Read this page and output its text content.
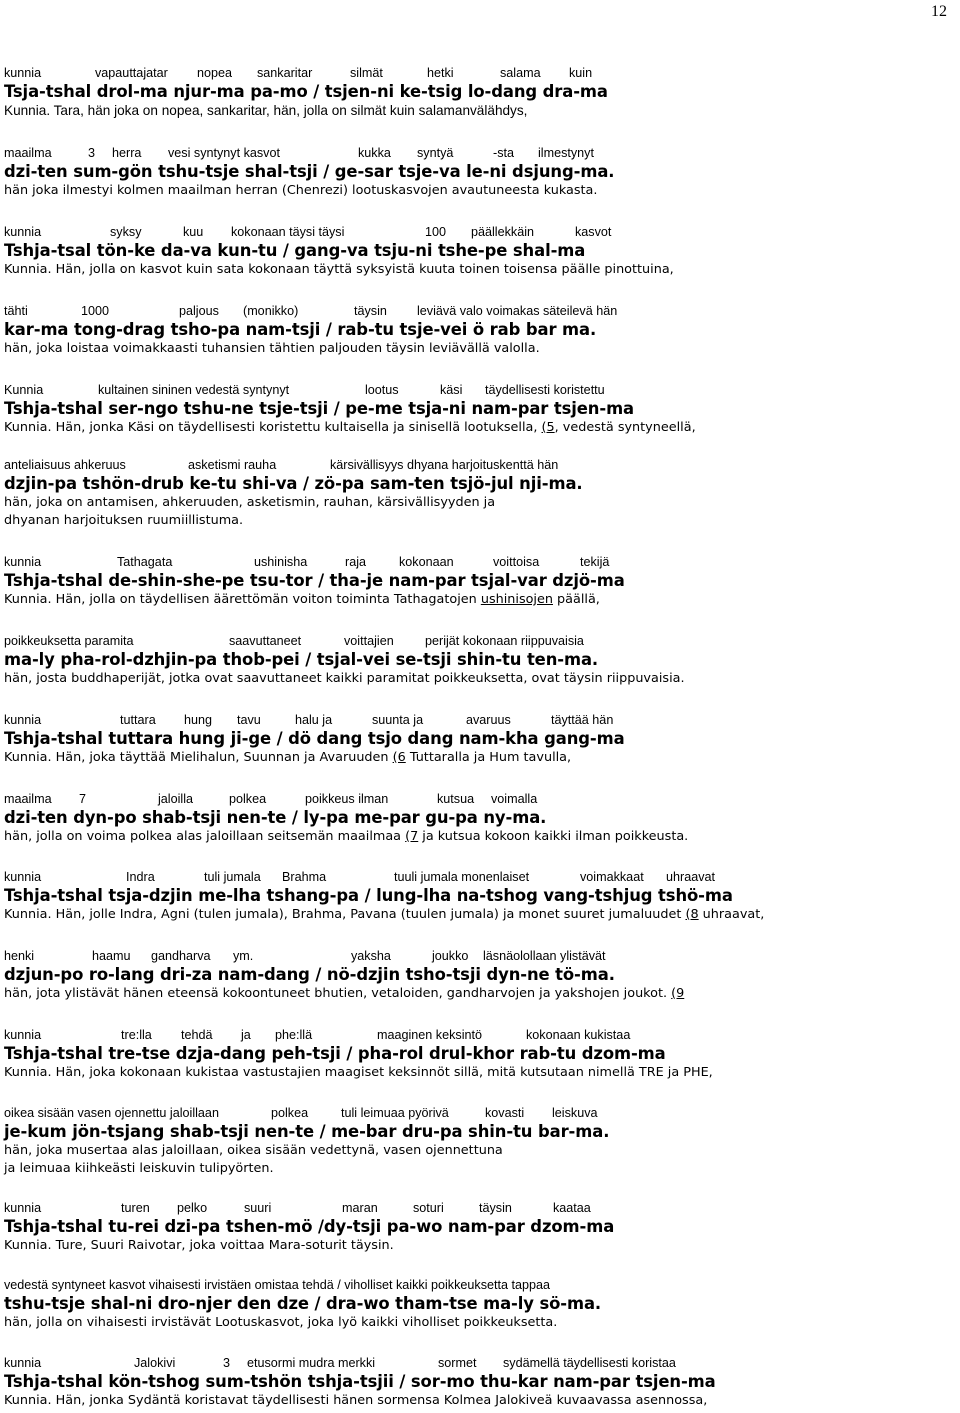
12
kunnia	vapauttajatar nopea sankaritar	silmät	hetki	salama kuin
Tsja-tshal drol-ma njur-ma pa-mo / tsjen-ni ke-tsig lo-dang dra-ma
Kunnia. Tara, hän joka on nopea, sankaritar, hän, jolla on silmät kuin salamanvälähdys,
maailma	3 herra vesi syntynyt kasvot	kukka syntyä	-sta ilmestynyt
dzi-ten sum-gön tshu-tsje shal-tsji / ge-sar tsje-va le-ni dsjung-ma.
hän joka ilmestyi kolmen maailman herran (Chenrezi) lootuskasvojen avautuneesta kukasta.
kunnia	syksy	kuu kokonaan täysi täysi	100 päällekkäin	kasvot
Tshja-tsal tön-ke da-va kun-tu / gang-va tsju-ni tshe-pe shal-ma
Kunnia. Hän, jolla on kasvot kuin sata kokonaan täyttä syksyistä kuuta toinen toisensa päälle pinottuina,
tähti	1000	paljous (monikko)	täysin leviävä valo voimakas säteilevä hän
kar-ma tong-drag tsho-pa nam-tsji / rab-tu tsje-vei ö rab bar ma.
hän, joka loistaa voimakkaasti tuhansien tähtien paljouden täysin leviävällä valolla.
Kunnia	kultainen sininen vedestä syntynyt	lootus	käsi täydellisesti koristettu
Tshja-tshal ser-ngo tshu-ne tsje-tsji / pe-me tsja-ni nam-par tsjen-ma
Kunnia. Hän, jonka Käsi on täydellisesti koristettu kultaisella ja sinisellä lootuksella, (5, vedestä syntyneellä,
anteliaisuus ahkeruus	asketismi rauha	kärsivällisyys dhyana harjoituskenttä hän
dzjin-pa tshön-drub ke-tu shi-va / zö-pa sam-ten tsjö-jul nji-ma.
hän, joka on antamisen, ahkeruuden, asketismin, rauhan, kärsivällisyyden ja
dhyanan harjoituksen ruumiillistuma.
kunnia	Tathagata	ushinisha	raja	kokonaan	voittoisa	tekijä
Tshja-tshal de-shin-she-pe tsu-tor / tha-je nam-par tsjal-var dzjö-ma
Kunnia. Hän, jolla on täydellisen äärettömän voiton toiminta Tathagatojen ushinisojen päällä,
poikkeuksetta paramita	saavuttaneet	voittajien perijät kokonaan riippuvaisia
ma-ly pha-rol-dzhjin-pa thob-pei / tsjal-vei se-tsji shin-tu ten-ma.
hän, josta buddhaperijät, jotka ovat saavuttaneet kaikki paramitat poikkeuksetta, ovat täysin riippuvaisia.
kunnia	tuttara hung tavu	halu ja	suunta ja	avaruus	täyttää hän
Tshja-tshal tuttara hung ji-ge / dö dang tsjo dang nam-kha gang-ma
Kunnia. Hän, joka täyttää Mielihalun, Suunnan ja Avaruuden (6 Tuttaralla ja Hum tavulla,
maailma 7	jaloilla	polkea	poikkeus ilman	kutsua voimalla
dzi-ten dyn-po shab-tsji nen-te / ly-pa me-par gu-pa ny-ma.
hän, jolla on voima polkea alas jaloillaan seitsemän maailmaa (7 ja kutsua kokoon kaikki ilman poikkeusta.
kunnia	Indra	tuli jumala Brahma	tuuli jumala monenlaiset	voimakkaat uhraavat
Tshja-tshal tsja-dzjin me-lha tshang-pa / lung-lha na-tshog vang-tshjug tshö-ma
Kunnia. Hän, jolle Indra, Agni (tulen jumala), Brahma, Pavana (tuulen jumala) ja monet suuret jumaluudet (8 uhraavat,
henki	haamu gandharva ym.	yaksha	joukko läsnäolollaan ylistävät
dzjun-po ro-lang dri-za nam-dang / nö-dzjin tsho-tsji dyn-ne tö-ma.
hän, jota ylistävät hänen eteensä kokoontuneet bhutien, vetaloiden, gandharvojen ja yakshojen joukot. (9
kunnia	tre:lla tehdä ja phe:llä	maaginen keksintö	kokonaan kukistaa
Tshja-tshal tre-tse dzja-dang peh-tsji / pha-rol drul-khor rab-tu dzom-ma
Kunnia. Hän, joka kokonaan kukistaa vastustajien maagiset keksinnöt sillä, mitä kutsutaan nimellä TRE ja PHE,
oikea sisään vasen ojennettu jaloillaan	polkea	tuli leimuaa pyörivä	kovasti leiskuva
je-kum jön-tsjang shab-tsji nen-te / me-bar dru-pa shin-tu bar-ma.
hän, joka musertaa alas jaloillaan, oikea sisään vedettynä, vasen ojennettuna
ja leimuaa kiihkeästi leiskuvin tulipyörten.
kunnia	turen pelko	suuri	maran	soturi	täysin	kaataa
Tshja-tshal tu-rei dzi-pa tshen-mö /dy-tsji pa-wo nam-par dzom-ma
Kunnia. Ture, Suuri Raivotar, joka voittaa Mara-soturit täysin.
vedestä syntyneet kasvot vihaisesti irvistäen omistaa tehdä / viholliset kaikki poikkeuksetta tappaa
tshu-tsje shal-ni dro-njer den dze / dra-wo tham-tse ma-ly sö-ma.
hän, jolla on vihaisesti irvistävät Lootuskasvot, joka lyö kaikki viholliset poikkeuksetta.
kunnia	Jalokivi	3 etusormi mudra merkki	sormet sydämellä täydellisesti koristaa
Tshja-tshal kön-tshog sum-tshön tshja-tsjii / sor-mo thu-kar nam-par tsjen-ma
Kunnia. Hän, jonka Sydäntä koristavat täydellisesti hänen sormensa Kolmea Jalokiveä kuvaavassa asennossa,
